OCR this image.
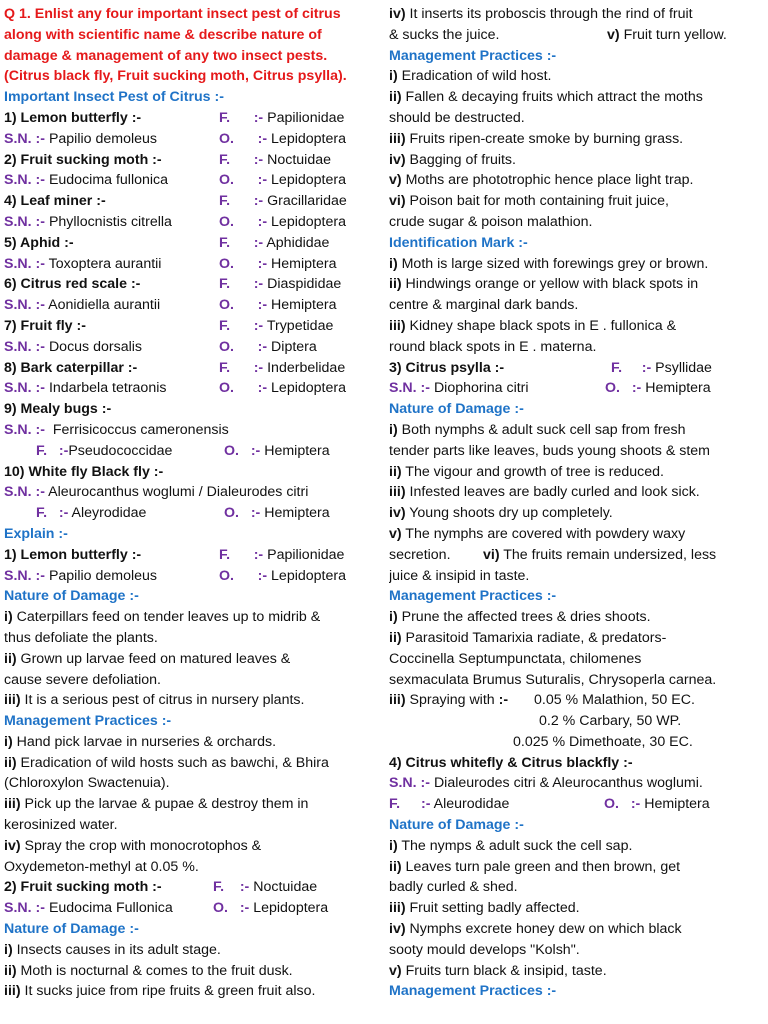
Q 1. Enlist any four important insect pest of citrus
along with scientific name & describe nature of
damage & management of any two insect pests.
(Citrus black fly, Fruit sucking moth, Citrus psylla).
Important Insect Pest of Citrus :-
1) Lemon butterfly :-	F. :- Papilionidae
S.N. :- Papilio demoleus	O. :- Lepidoptera
2) Fruit sucking moth :-	F. :- Noctuidae
S.N. :- Eudocima fullonica	O. :- Lepidoptera
4) Leaf miner :-	F. :- Gracillaridae
S.N. :- Phyllocnistis citrella	O. :- Lepidoptera
5) Aphid :-	F. :- Aphididae
S.N. :- Toxoptera aurantii	O. :- Hemiptera
6) Citrus red scale :-	F. :- Diaspididae
S.N. :- Aonidiella aurantii	O. :- Hemiptera
7) Fruit fly :-	F. :- Trypetidae
S.N. :- Docus dorsalis	O. :- Diptera
8) Bark caterpillar :-	F. :- Inderbelidae
S.N. :- Indarbela tetraonis	O. :- Lepidoptera
9) Mealy bugs :-
S.N. :- Ferrisicoccus cameronensis
F. :-Pseudococcidae	O. :- Hemiptera
10) White fly Black fly :-
S.N. :- Aleurocanthus woglumi / Dialeurodes citri
F. :- Aleyrodidae	O. :- Hemiptera
Explain :-
1) Lemon butterfly :-	F. :- Papilionidae
S.N. :- Papilio demoleus	O. :- Lepidoptera
Nature of Damage :-
i) Caterpillars feed on tender leaves up to midrib &
thus defoliate the plants.
ii) Grown up larvae feed on matured leaves &
cause severe defoliation.
iii) It is a serious pest of citrus in nursery plants.
Management Practices :-
i) Hand pick larvae in nurseries & orchards.
ii) Eradication of wild hosts such as bawchi, & Bhira
(Chloroxylon Swactenuia).
iii) Pick up the larvae & pupae & destroy them in
kerosinized water.
iv) Spray the crop with monocrotophos &
Oxydemeton-methyl at 0.05 %.
2) Fruit sucking moth :-	F. :- Noctuidae
S.N. :- Eudocima Fullonica	O. :- Lepidoptera
Nature of Damage :-
i) Insects causes in its adult stage.
ii) Moth is nocturnal & comes to the fruit dusk.
iii) It sucks juice from ripe fruits & green fruit also.
iv) It inserts its proboscis through the rind of fruit
& sucks the juice.	v) Fruit turn yellow.
Management Practices :-
i) Eradication of wild host.
ii) Fallen & decaying fruits which attract the moths
should be destructed.
iii) Fruits ripen-create smoke by burning grass.
iv) Bagging of fruits.
v) Moths are phototrophic hence place light trap.
vi) Poison bait for moth containing fruit juice,
crude sugar & poison malathion.
Identification Mark :-
i) Moth is large sized with forewings grey or brown.
ii) Hindwings orange or yellow with black spots in
centre & marginal dark bands.
iii) Kidney shape black spots in E . fullonica &
round black spots in E . materna.
3) Citrus psylla :-	F. :- Psyllidae
S.N. :- Diophorina citri	O. :- Hemiptera
Nature of Damage :-
i) Both nymphs & adult suck cell sap from fresh
tender parts like leaves, buds young shoots & stem
ii) The vigour and growth of tree is reduced.
iii) Infested leaves are badly curled and look sick.
iv) Young shoots dry up completely.
v) The nymphs are covered with powdery waxy
secretion. vi) The fruits remain undersized, less
juice & insipid in taste.
Management Practices :-
i) Prune the affected trees & dries shoots.
ii) Parasitoid Tamarixia radiate, & predators-
Coccinella Septumpunctata, chilomenes
sexmaculata Brumus Suturalis, Chrysoperla carnea.
iii) Spraying with :- 0.05 % Malathion, 50 EC.
0.2 % Carbary, 50 WP.
0.025 % Dimethoate, 30 EC.
4) Citrus whitefly & Citrus blackfly :-
S.N. :- Dialeurodes citri & Aleurocanthus woglumi.
F. :- Aleurodidae	O. :- Hemiptera
Nature of Damage :-
i) The nymps & adult suck the cell sap.
ii) Leaves turn pale green and then brown, get
badly curled & shed.
iii) Fruit setting badly affected.
iv) Nymphs excrete honey dew on which black
sooty mould develops "Kolsh".
v) Fruits turn black & insipid, taste.
Management Practices :-
